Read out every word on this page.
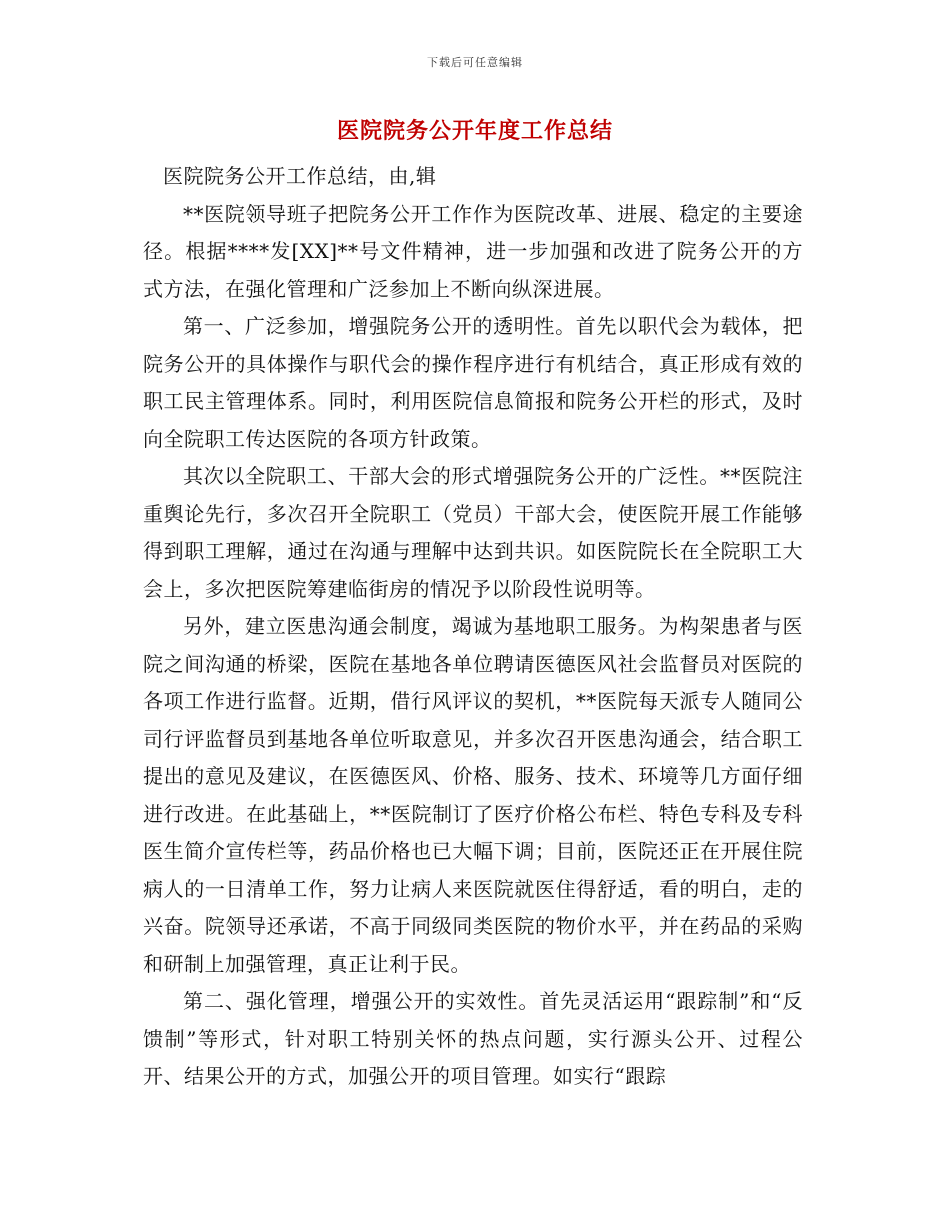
下载后可任意编辑
医院院务公开年度工作总结

医院院务公开工作总结，由,辑

**医院领导班子把院务公开工作作为医院改革、进展、稳定的主要途径。根据****发[XX]**号文件精神，进一步加强和改进了院务公开的方式方法，在强化管理和广泛参加上不断向纵深进展。

第一、广泛参加，增强院务公开的透明性。首先以职代会为载体，把院务公开的具体操作与职代会的操作程序进行有机结合，真正形成有效的职工民主管理体系。同时，利用医院信息简报和院务公开栏的形式，及时向全院职工传达医院的各项方针政策。

其次以全院职工、干部大会的形式增强院务公开的广泛性。**医院注重舆论先行，多次召开全院职工（党员）干部大会，使医院开展工作能够得到职工理解，通过在沟通与理解中达到共识。如医院院长在全院职工大会上，多次把医院筹建临街房的情况予以阶段性说明等。

另外，建立医患沟通会制度，竭诚为基地职工服务。为构架患者与医院之间沟通的桥梁，医院在基地各单位聘请医德医风社会监督员对医院的各项工作进行监督。近期，借行风评议的契机，**医院每天派专人随同公司行评监督员到基地各单位听取意见，并多次召开医患沟通会，结合职工提出的意见及建议，在医德医风、价格、服务、技术、环境等几方面仔细进行改进。在此基础上，**医院制订了医疗价格公布栏、特色专科及专科医生简介宣传栏等，药品价格也已大幅下调；目前，医院还正在开展住院病人的一日清单工作，努力让病人来医院就医住得舒适，看的明白，走的兴奋。院领导还承诺，不高于同级同类医院的物价水平，并在药品的采购和研制上加强管理，真正让利于民。

第二、强化管理，增强公开的实效性。首先灵活运用“跟踪制”和“反馈制”等形式，针对职工特别关怀的热点问题，实行源头公开、过程公开、结果公开的方式，加强公开的项目管理。如实行“跟踪
